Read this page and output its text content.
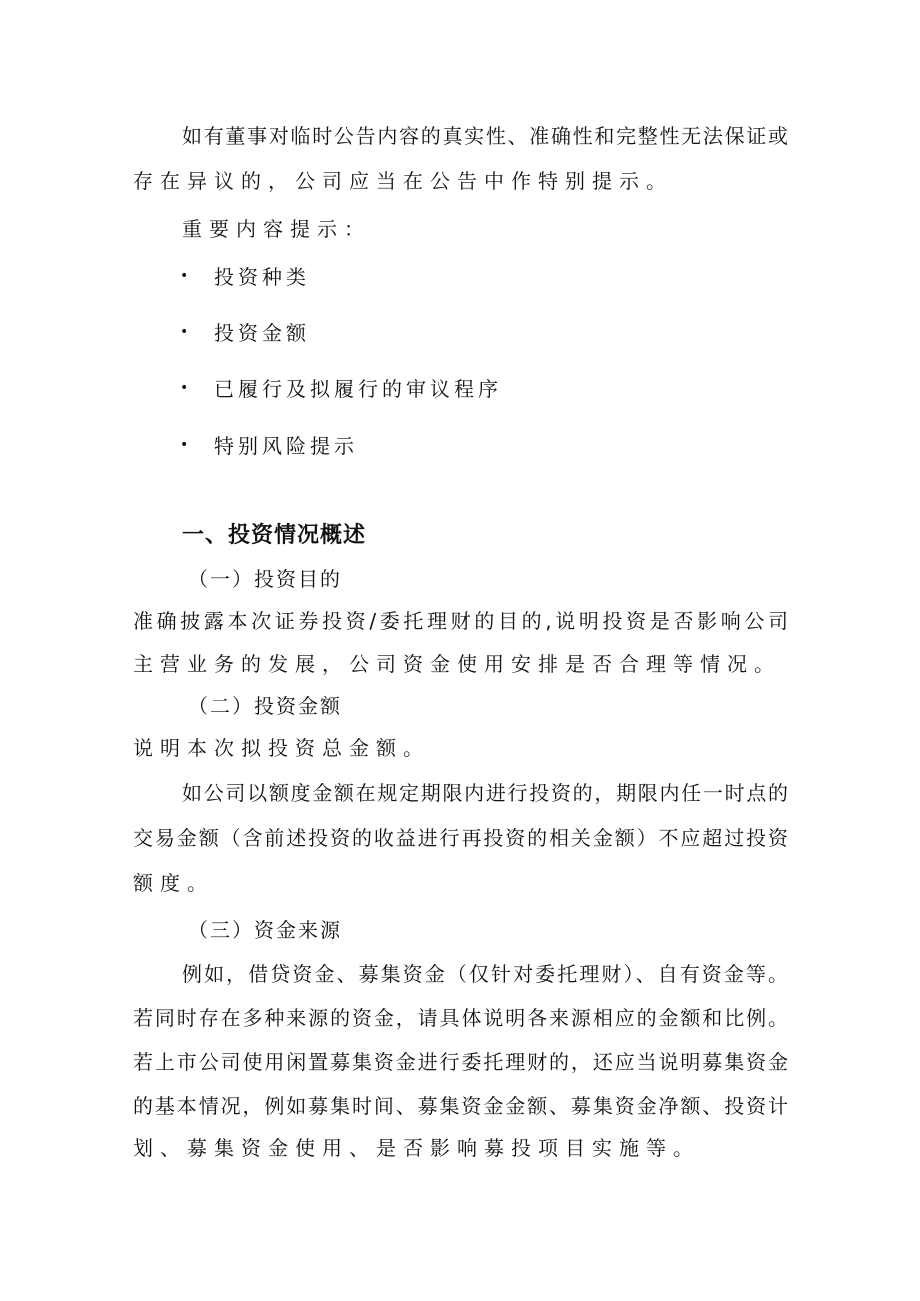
如有董事对临时公告内容的真实性、准确性和完整性无法保证或
存在异议的，公司应当在公告中作特别提示。
重要内容提示：
• 投资种类
• 投资金额
• 已履行及拟履行的审议程序
• 特别风险提示
一、投资情况概述
（一）投资目的
准确披露本次证券投资/委托理财的目的,说明投资是否影响公司
主营业务的发展，公司资金使用安排是否合理等情况。
（二）投资金额
说明本次拟投资总金额。
如公司以额度金额在规定期限内进行投资的，期限内任一时点的
交易金额（含前述投资的收益进行再投资的相关金额）不应超过投资
额度。
（三）资金来源
例如，借贷资金、募集资金（仅针对委托理财）、自有资金等。
若同时存在多种来源的资金，请具体说明各来源相应的金额和比例。
若上市公司使用闲置募集资金进行委托理财的，还应当说明募集资金
的基本情况，例如募集时间、募集资金金额、募集资金净额、投资计
划、募集资金使用、是否影响募投项目实施等。
